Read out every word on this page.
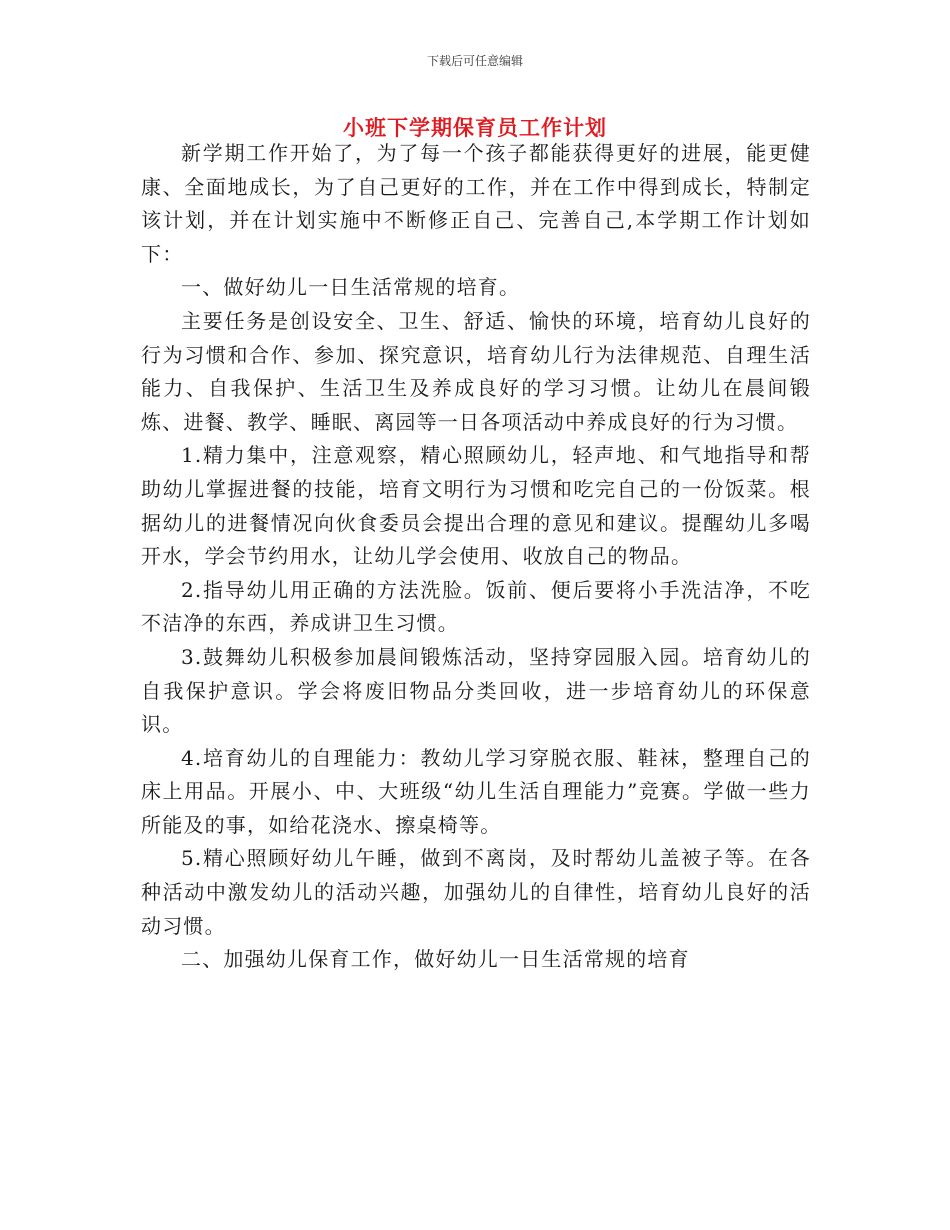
下载后可任意编辑
小班下学期保育员工作计划

新学期工作开始了，为了每一个孩子都能获得更好的进展，能更健康、全面地成长，为了自己更好的工作，并在工作中得到成长，特制定该计划，并在计划实施中不断修正自己、完善自己,本学期工作计划如下：

一、做好幼儿一日生活常规的培育。

主要任务是创设安全、卫生、舒适、愉快的环境，培育幼儿良好的行为习惯和合作、参加、探究意识，培育幼儿行为法律规范、自理生活能力、自我保护、生活卫生及养成良好的学习习惯。让幼儿在晨间锻炼、进餐、教学、睡眠、离园等一日各项活动中养成良好的行为习惯。

1.精力集中，注意观察，精心照顾幼儿，轻声地、和气地指导和帮助幼儿掌握进餐的技能，培育文明行为习惯和吃完自己的一份饭菜。根据幼儿的进餐情况向伙食委员会提出合理的意见和建议。提醒幼儿多喝开水，学会节约用水，让幼儿学会使用、收放自己的物品。

2.指导幼儿用正确的方法洗脸。饭前、便后要将小手洗洁净，不吃不洁净的东西，养成讲卫生习惯。

3.鼓舞幼儿积极参加晨间锻炼活动，坚持穿园服入园。培育幼儿的自我保护意识。学会将废旧物品分类回收，进一步培育幼儿的环保意识。

4.培育幼儿的自理能力：教幼儿学习穿脱衣服、鞋袜，整理自己的床上用品。开展小、中、大班级“幼儿生活自理能力”竞赛。学做一些力所能及的事，如给花浇水、擦桌椅等。

5.精心照顾好幼儿午睡，做到不离岗，及时帮幼儿盖被子等。在各种活动中激发幼儿的活动兴趣，加强幼儿的自律性，培育幼儿良好的活动习惯。

二、加强幼儿保育工作，做好幼儿一日生活常规的培育
